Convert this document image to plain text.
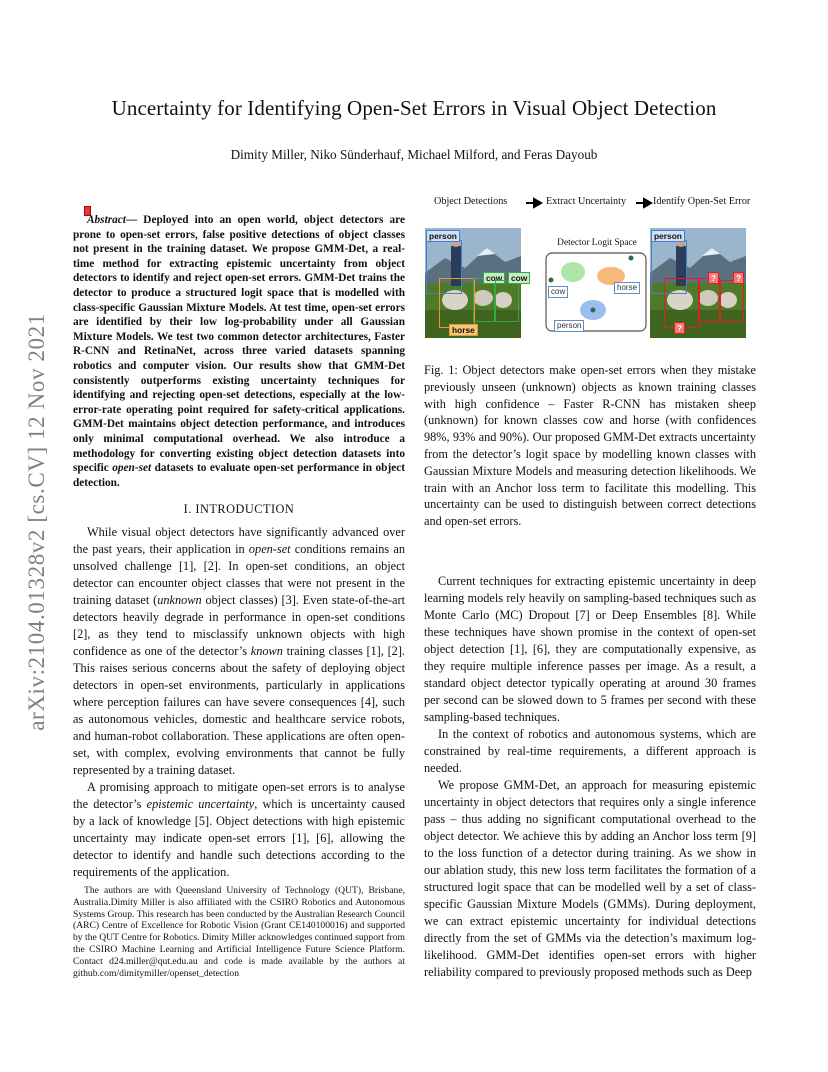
Uncertainty for Identifying Open-Set Errors in Visual Object Detection
Dimity Miller, Niko Sünderhauf, Michael Milford, and Feras Dayoub
arXiv:2104.01328v2 [cs.CV] 12 Nov 2021

Abstract— Deployed into an open world, object detectors are prone to open-set errors, false positive detections of object classes not present in the training dataset. We propose GMM-Det, a real-time method for extracting epistemic uncertainty from object detectors to identify and reject open-set errors. GMM-Det trains the detector to produce a structured logit space that is modelled with class-specific Gaussian Mixture Models. At test time, open-set errors are identified by their low log-probability under all Gaussian Mixture Models. We test two common detector architectures, Faster R-CNN and RetinaNet, across three varied datasets spanning robotics and computer vision. Our results show that GMM-Det consistently outperforms existing uncertainty techniques for identifying and rejecting open-set detections, especially at the low-error-rate operating point required for safety-critical applications. GMM-Det maintains object detection performance, and introduces only minimal computational overhead. We also introduce a methodology for converting existing object detection datasets into specific open-set datasets to evaluate open-set performance in object detection.

I. INTRODUCTION

While visual object detectors have significantly advanced over the past years, their application in open-set conditions remains an unsolved challenge [1], [2]. In open-set conditions, an object detector can encounter object classes that were not present in the training dataset (unknown object classes) [3]. Even state-of-the-art detectors heavily degrade in performance in open-set conditions [2], as they tend to misclassify unknown objects with high confidence as one of the detector’s known training classes [1], [2]. This raises serious concerns about the safety of deploying object detectors in open-set environments, particularly in applications where perception failures can have severe consequences [4], such as autonomous vehicles, domestic and healthcare service robots, and human-robot collaboration. These applications are often open-set, with complex, evolving environments that cannot be fully represented by a training dataset.

A promising approach to mitigate open-set errors is to analyse the detector’s epistemic uncertainty, which is uncertainty caused by a lack of knowledge [5]. Object detections with high epistemic uncertainty may indicate open-set errors [1], [6], allowing the detector to identify and handle such detections according to the requirements of the application.

The authors are with Queensland University of Technology (QUT), Brisbane, Australia.Dimity Miller is also affiliated with the CSIRO Robotics and Autonomous Systems Group. This research has been conducted by the Australian Research Council (ARC) Centre of Excellence for Robotic Vision (Grant CE140100016) and supported by the QUT Centre for Robotics. Dimity Miller acknowledges continued support from the CSIRO Machine Learning and Artificial Intelligence Future Science Platform. Contact d24.miller@qut.edu.au and code is made available by the authors at github.com/dimitymiller/openset_detection

Object Detections	Extract Uncertainty	Identify Open-Set Error
person
horse
cow	cow
Detector Logit Space
cow	horse
person
person
?
?	?

Fig. 1: Object detectors make open-set errors when they mistake previously unseen (unknown) objects as known training classes with high confidence – Faster R-CNN has mistaken sheep (unknown) for known classes cow and horse (with confidences 98%, 93% and 90%). Our proposed GMM-Det extracts uncertainty from the detector’s logit space by modelling known classes with Gaussian Mixture Models and measuring detection likelihoods. We train with an Anchor loss term to facilitate this modelling. This uncertainty can be used to distinguish between correct detections and open-set errors.

Current techniques for extracting epistemic uncertainty in deep learning models rely heavily on sampling-based techniques such as Monte Carlo (MC) Dropout [7] or Deep Ensembles [8]. While these techniques have shown promise in the context of open-set object detection [1], [6], they are computationally expensive, as they require multiple inference passes per image. As a result, a standard object detector typically operating at around 30 frames per second can be slowed down to 5 frames per second with these sampling-based techniques.

In the context of robotics and autonomous systems, which are constrained by real-time requirements, a different approach is needed.

We propose GMM-Det, an approach for measuring epistemic uncertainty in object detectors that requires only a single inference pass – thus adding no significant computational overhead to the object detector. We achieve this by adding an Anchor loss term [9] to the loss function of a detector during training. As we show in our ablation study, this new loss term facilitates the formation of a structured logit space that can be modelled well by a set of class-specific Gaussian Mixture Models (GMMs). During deployment, we can extract epistemic uncertainty for individual detections directly from the set of GMMs via the detection’s maximum log-likelihood. GMM-Det identifies open-set errors with higher reliability compared to previously proposed methods such as Deep
